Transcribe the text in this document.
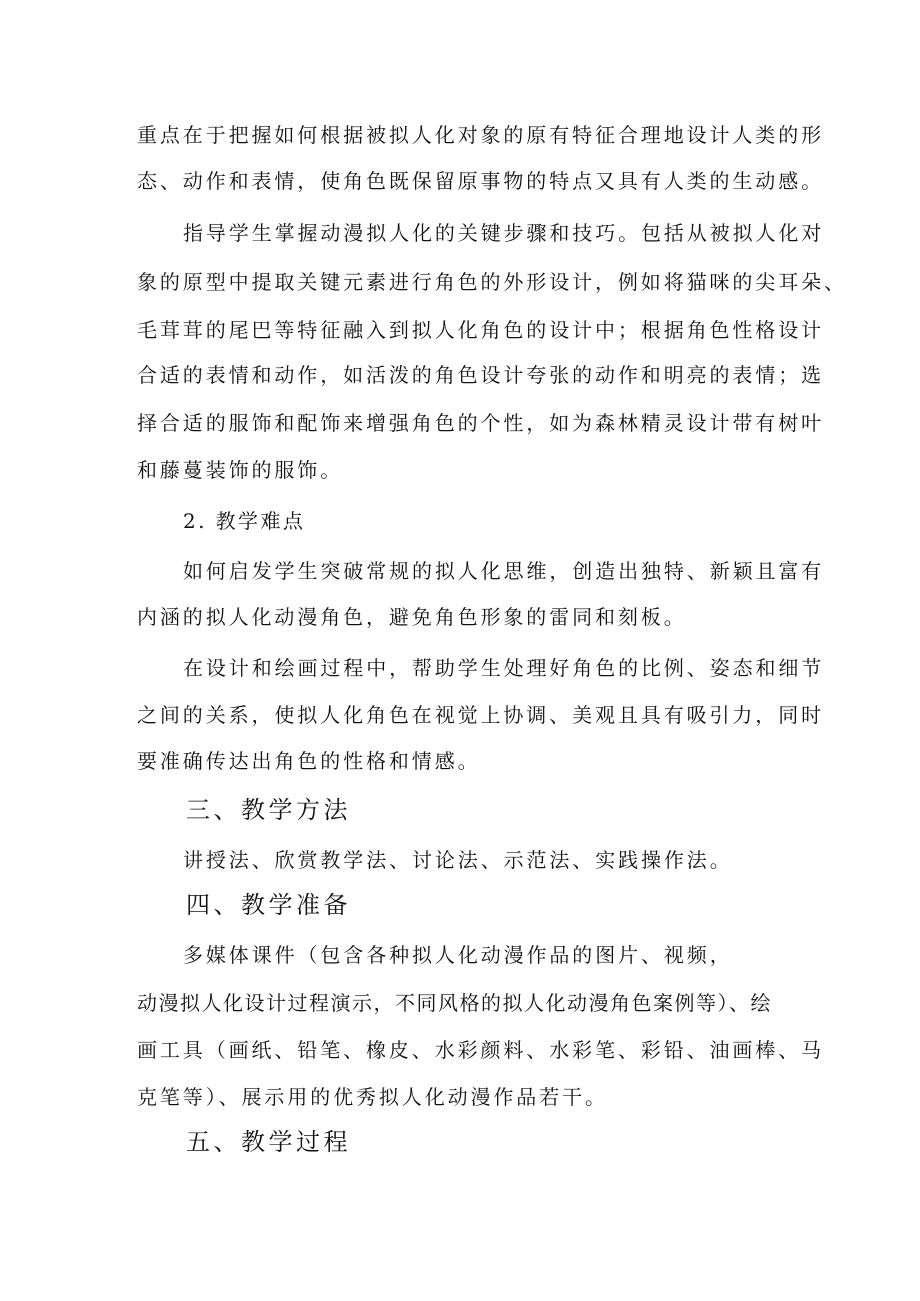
重点在于把握如何根据被拟人化对象的原有特征合理地设计人类的形
态、动作和表情，使角色既保留原事物的特点又具有人类的生动感。
指导学生掌握动漫拟人化的关键步骤和技巧。包括从被拟人化对
象的原型中提取关键元素进行角色的外形设计，例如将猫咪的尖耳朵、
毛茸茸的尾巴等特征融入到拟人化角色的设计中；根据角色性格设计
合适的表情和动作，如活泼的角色设计夸张的动作和明亮的表情；选
择合适的服饰和配饰来增强角色的个性，如为森林精灵设计带有树叶
和藤蔓装饰的服饰。
2. 教学难点
如何启发学生突破常规的拟人化思维，创造出独特、新颖且富有
内涵的拟人化动漫角色，避免角色形象的雷同和刻板。
在设计和绘画过程中，帮助学生处理好角色的比例、姿态和细节
之间的关系，使拟人化角色在视觉上协调、美观且具有吸引力，同时
要准确传达出角色的性格和情感。
三、教学方法
讲授法、欣赏教学法、讨论法、示范法、实践操作法。
四、教学准备
多媒体课件（包含各种拟人化动漫作品的图片、视频，
动漫拟人化设计过程演示，不同风格的拟人化动漫角色案例等）、绘
画工具（画纸、铅笔、橡皮、水彩颜料、水彩笔、彩铅、油画棒、马
克笔等）、展示用的优秀拟人化动漫作品若干。
五、教学过程
